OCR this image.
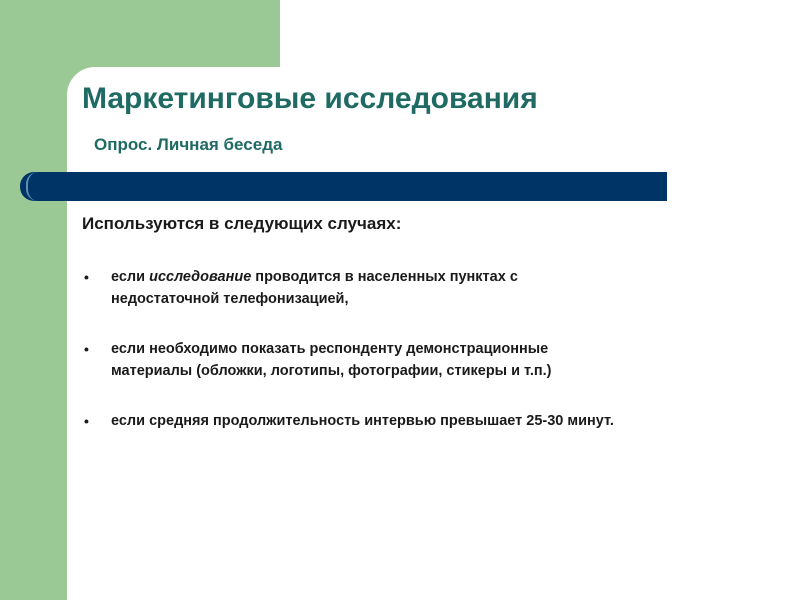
Маркетинговые исследования
Опрос. Личная беседа

Используются в следующих случаях:

• если исследование проводится в населенных пунктах с
недостаточной телефонизацией,
• если необходимо показать респонденту демонстрационные
материалы (обложки, логотипы, фотографии, стикеры и т.п.)
• если средняя продолжительность интервью превышает 25-30 минут.
